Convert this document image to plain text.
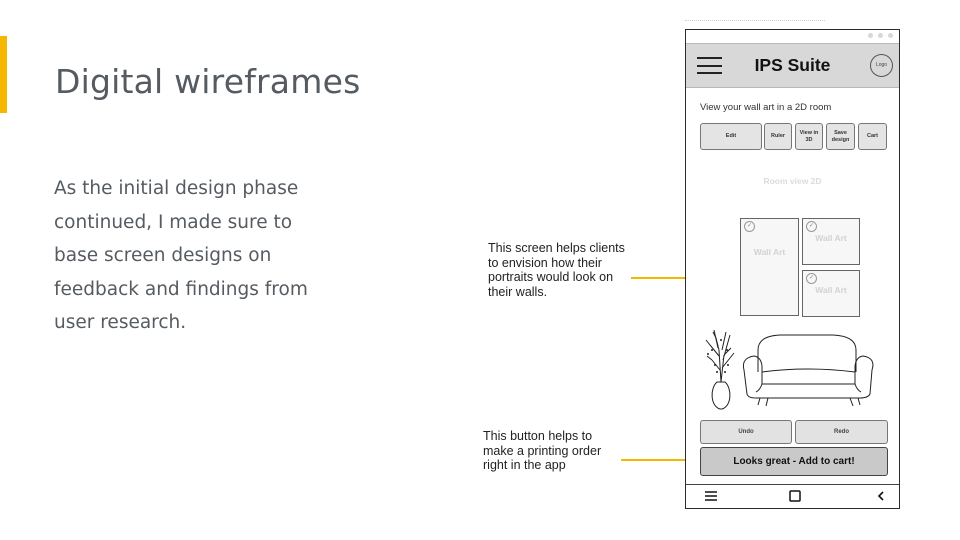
Digital wireframes
As the initial design phase continued, I made sure to base screen designs on feedback and findings from user research.
This screen helps clients to envision how their portraits would look on their walls.
This button helps to make a printing order right in the app
IPS Suite	Logo
View your wall art in a 2D room
Edit	Ruler
View in 3D
Save design
Cart
Room view 2D
✓
Wall Art
✓
Wall Art
✓
Wall Art
Undo	Redo
Looks great - Add to cart!
